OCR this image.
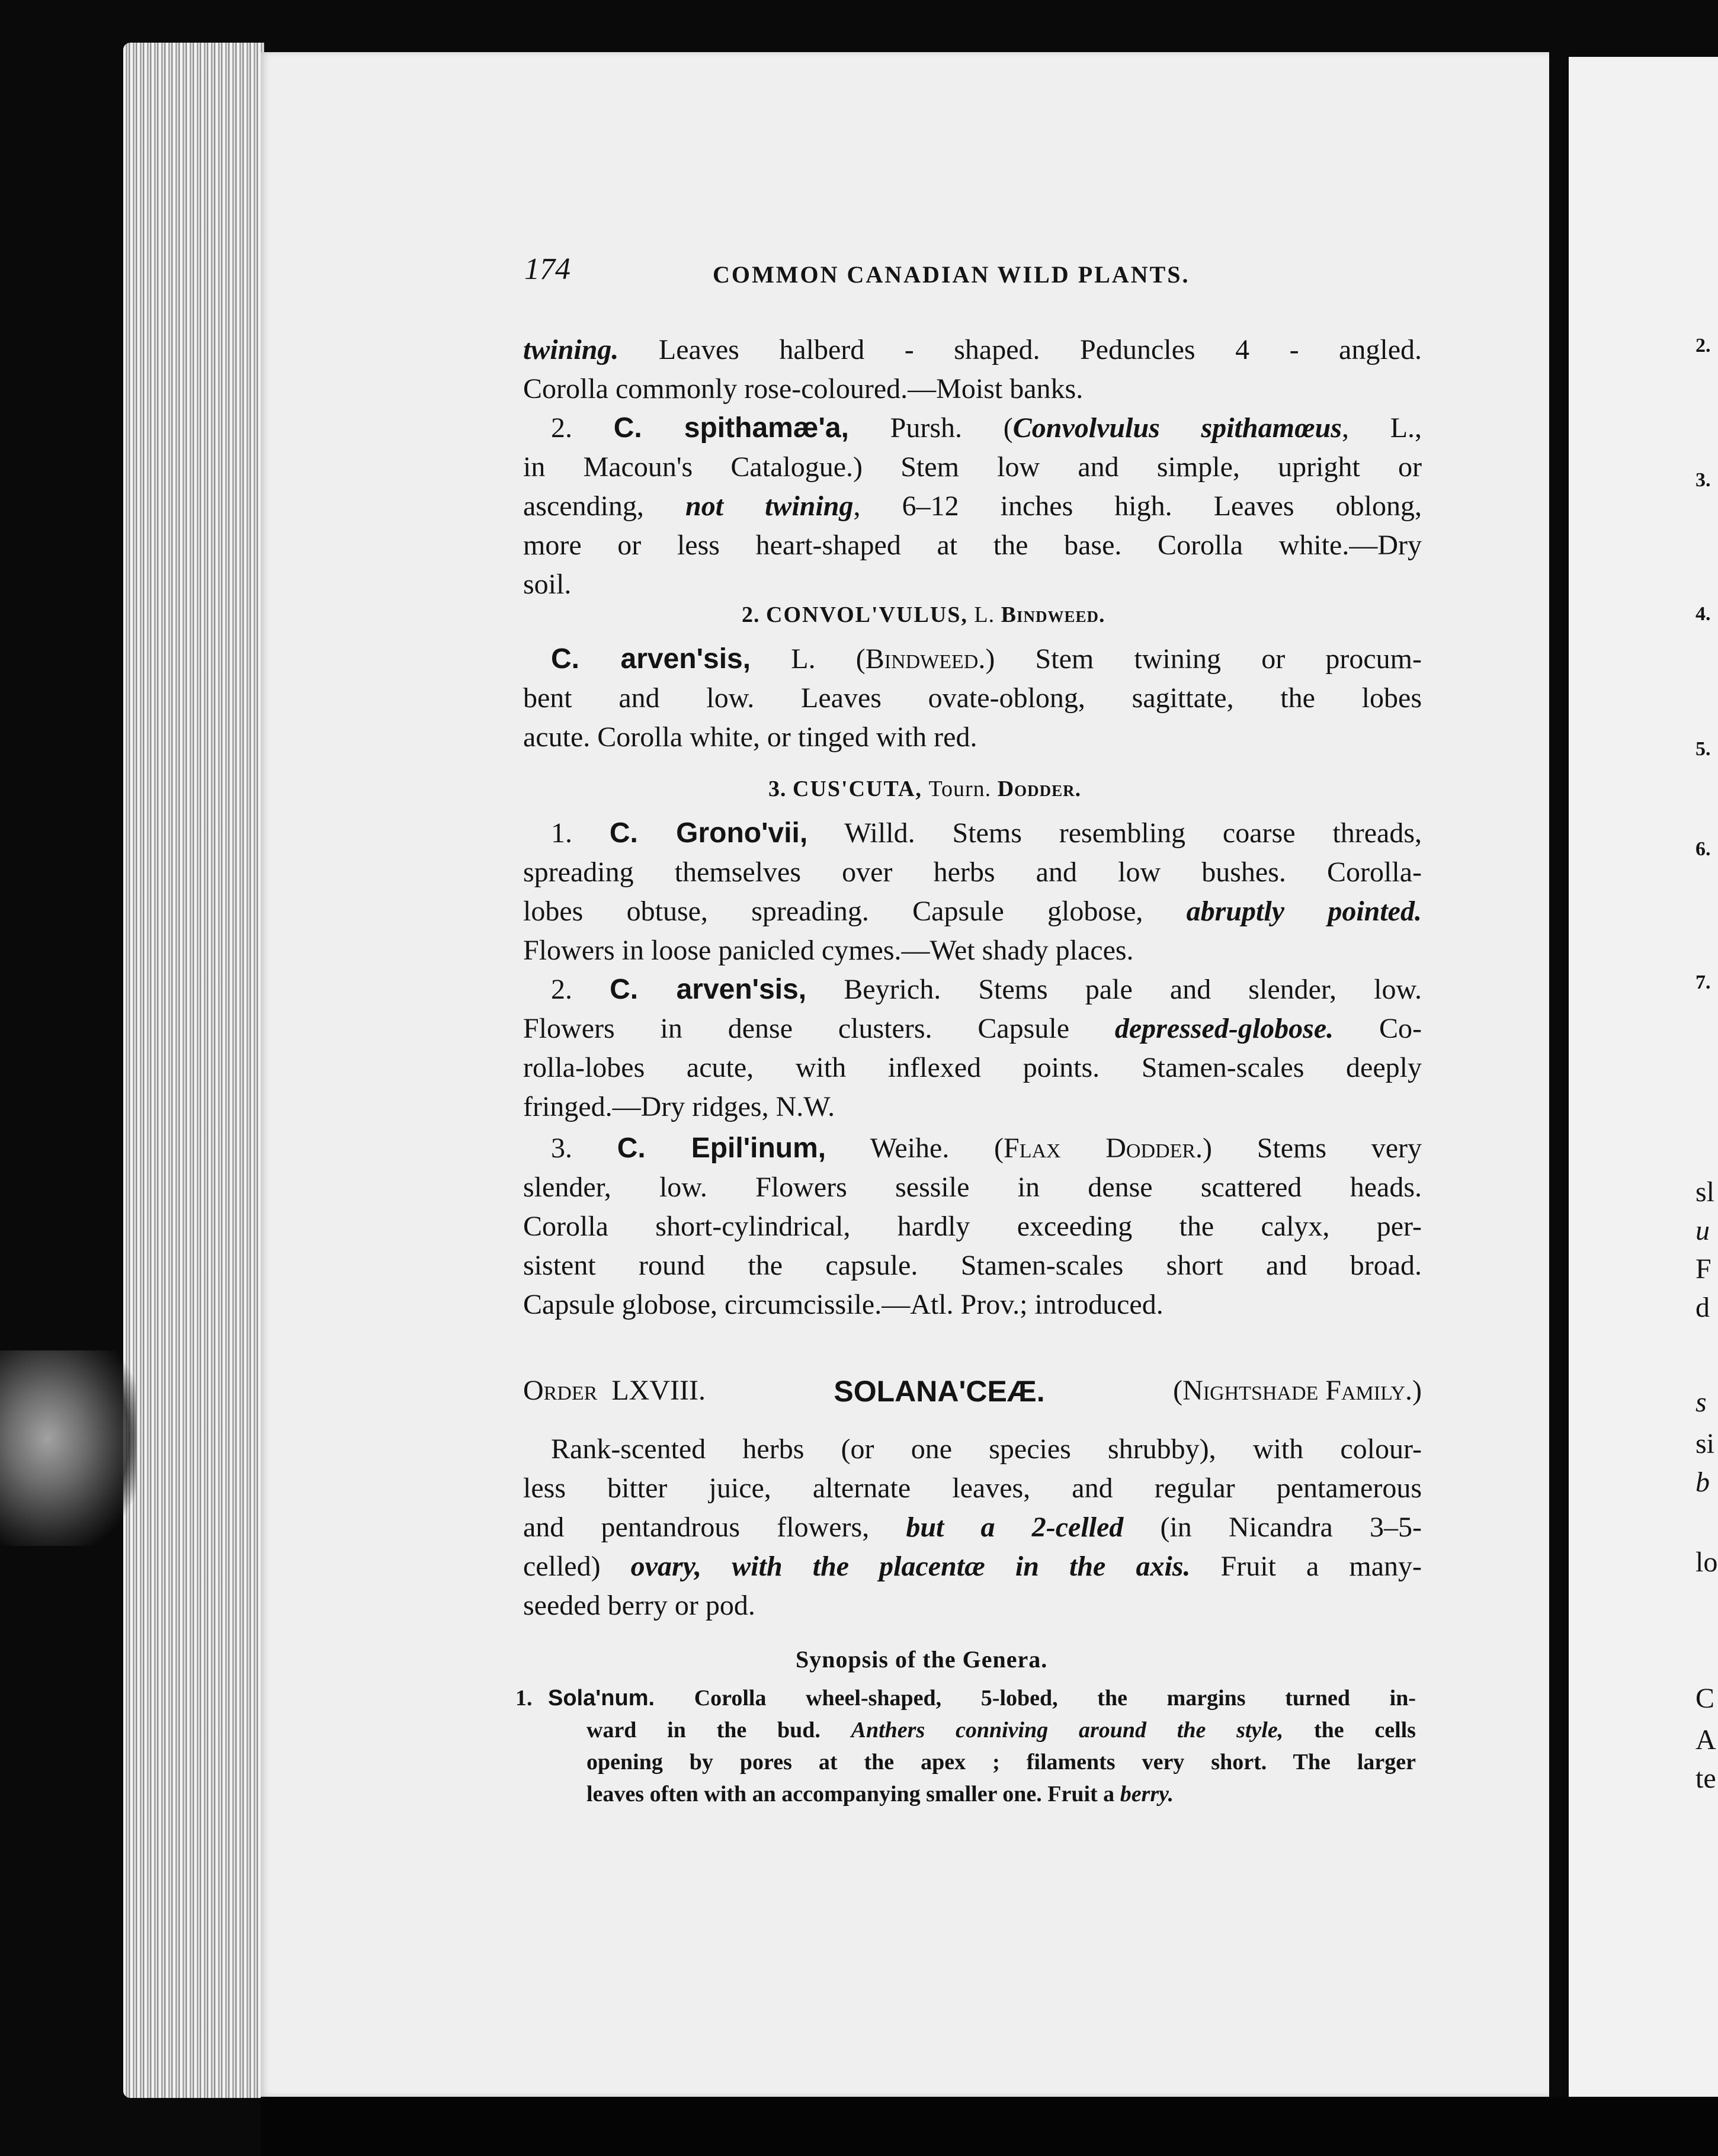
174	COMMON CANADIAN WILD PLANTS.
twining. Leaves halberd - shaped. Peduncles 4 - angled.
Corolla commonly rose-coloured.—Moist banks.
2. C. spithamæ'a, Pursh. (Convolvulus spithamœus, L.,
in Macoun's Catalogue.) Stem low and simple, upright or
ascending, not twining, 6–12 inches high. Leaves oblong,
more or less heart-shaped at the base. Corolla white.—Dry
soil.
2. CONVOL'VULUS, L. Bindweed.
C. arven'sis, L. (Bindweed.) Stem twining or procum-
bent and low. Leaves ovate-oblong, sagittate, the lobes
acute. Corolla white, or tinged with red.
3. CUS'CUTA, Tourn. Dodder.
1. C. Grono'vii, Willd. Stems resembling coarse threads,
spreading themselves over herbs and low bushes. Corolla-
lobes obtuse, spreading. Capsule globose, abruptly pointed.
Flowers in loose panicled cymes.—Wet shady places.
2. C. arven'sis, Beyrich. Stems pale and slender, low.
Flowers in dense clusters. Capsule depressed-globose. Co-
rolla-lobes acute, with inflexed points. Stamen-scales deeply
fringed.—Dry ridges, N.W.
3. C. Epil'inum, Weihe. (Flax Dodder.) Stems very
slender, low. Flowers sessile in dense scattered heads.
Corolla short-cylindrical, hardly exceeding the calyx, per-
sistent round the capsule. Stamen-scales short and broad.
Capsule globose, circumcissile.—Atl. Prov.; introduced.
Order LXVIII.	SOLANA'CEÆ.	(Nightshade Family.)
Rank-scented herbs (or one species shrubby), with colour-
less bitter juice, alternate leaves, and regular pentamerous
and pentandrous flowers, but a 2-celled (in Nicandra 3–5-
celled) ovary, with the placentæ in the axis. Fruit a many-
seeded berry or pod.
Synopsis of the Genera.
1. Sola'num. Corolla wheel-shaped, 5-lobed, the margins turned in-
ward in the bud. Anthers conniving around the style, the cells
opening by pores at the apex ; filaments very short. The larger
leaves often with an accompanying smaller one. Fruit a berry.
2.
3.
4.
5.
6.
7.
sl
u
F
d
s
si
b
lo
C
A
te
